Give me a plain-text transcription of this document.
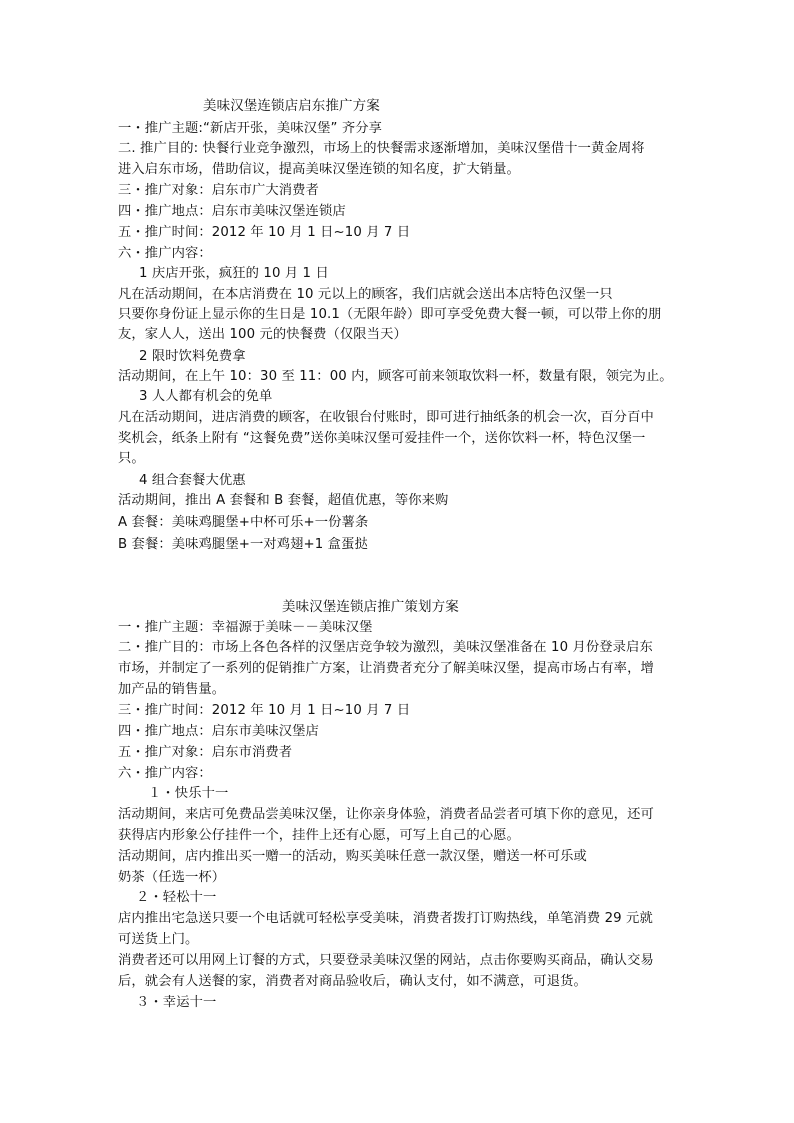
美味汉堡连锁店启东推广方案
一・推广主题:“新店开张，美味汉堡” 齐分享
二. 推广目的: 快餐行业竞争激烈，市场上的快餐需求逐渐增加，美味汉堡借十一黄金周将
进入启东市场，借助信议，提高美味汉堡连锁的知名度，扩大销量。
三・推广对象：启东市广大消费者
四・推广地点：启东市美味汉堡连锁店
五・推广时间：2012 年 10 月 1 日~10 月 7 日
六・推广内容：
1 庆店开张，疯狂的 10 月 1 日
凡在活动期间，在本店消费在 10 元以上的顾客，我们店就会送出本店特色汉堡一只
只要你身份证上显示你的生日是 10.1（无限年龄）即可享受免费大餐一顿，可以带上你的朋
友，家人人，送出 100 元的快餐费（仅限当天）
2 限时饮料免费拿
活动期间，在上午 10：30 至 11：00 内，顾客可前来领取饮料一杯，数量有限，领完为止。
3 人人都有机会的免单
凡在活动期间，进店消费的顾客，在收银台付账时，即可进行抽纸条的机会一次，百分百中
奖机会，纸条上附有 “这餐免费”送你美味汉堡可爱挂件一个，送你饮料一杯，特色汉堡一
只。
4 组合套餐大优惠
活动期间，推出 A 套餐和 B 套餐，超值优惠，等你来购
A 套餐：美味鸡腿堡+中杯可乐+一份薯条
B 套餐：美味鸡腿堡+一对鸡翅+1 盒蛋挞
美味汉堡连锁店推广策划方案
一・推广主题：幸福源于美味－－美味汉堡
二・推广目的：市场上各色各样的汉堡店竞争较为激烈，美味汉堡准备在 10 月份登录启东
市场，并制定了一系列的促销推广方案，让消费者充分了解美味汉堡，提高市场占有率，增
加产品的销售量。
三・推广时间：2012 年 10 月 1 日~10 月 7 日
四・推广地点：启东市美味汉堡店
五・推广对象：启东市消费者
六・推广内容：
１・快乐十一
活动期间，来店可免费品尝美味汉堡，让你亲身体验，消费者品尝者可填下你的意见，还可
获得店内形象公仔挂件一个，挂件上还有心愿，可写上自己的心愿。
活动期间，店内推出买一赠一的活动，购买美味任意一款汉堡，赠送一杯可乐或
奶茶（任选一杯）
２・轻松十一
店内推出宅急送只要一个电话就可轻松享受美味，消费者拨打订购热线，单笔消费 29 元就
可送货上门。
消费者还可以用网上订餐的方式，只要登录美味汉堡的网站，点击你要购买商品，确认交易
后，就会有人送餐的家，消费者对商品验收后，确认支付，如不满意，可退货。
３・幸运十一
